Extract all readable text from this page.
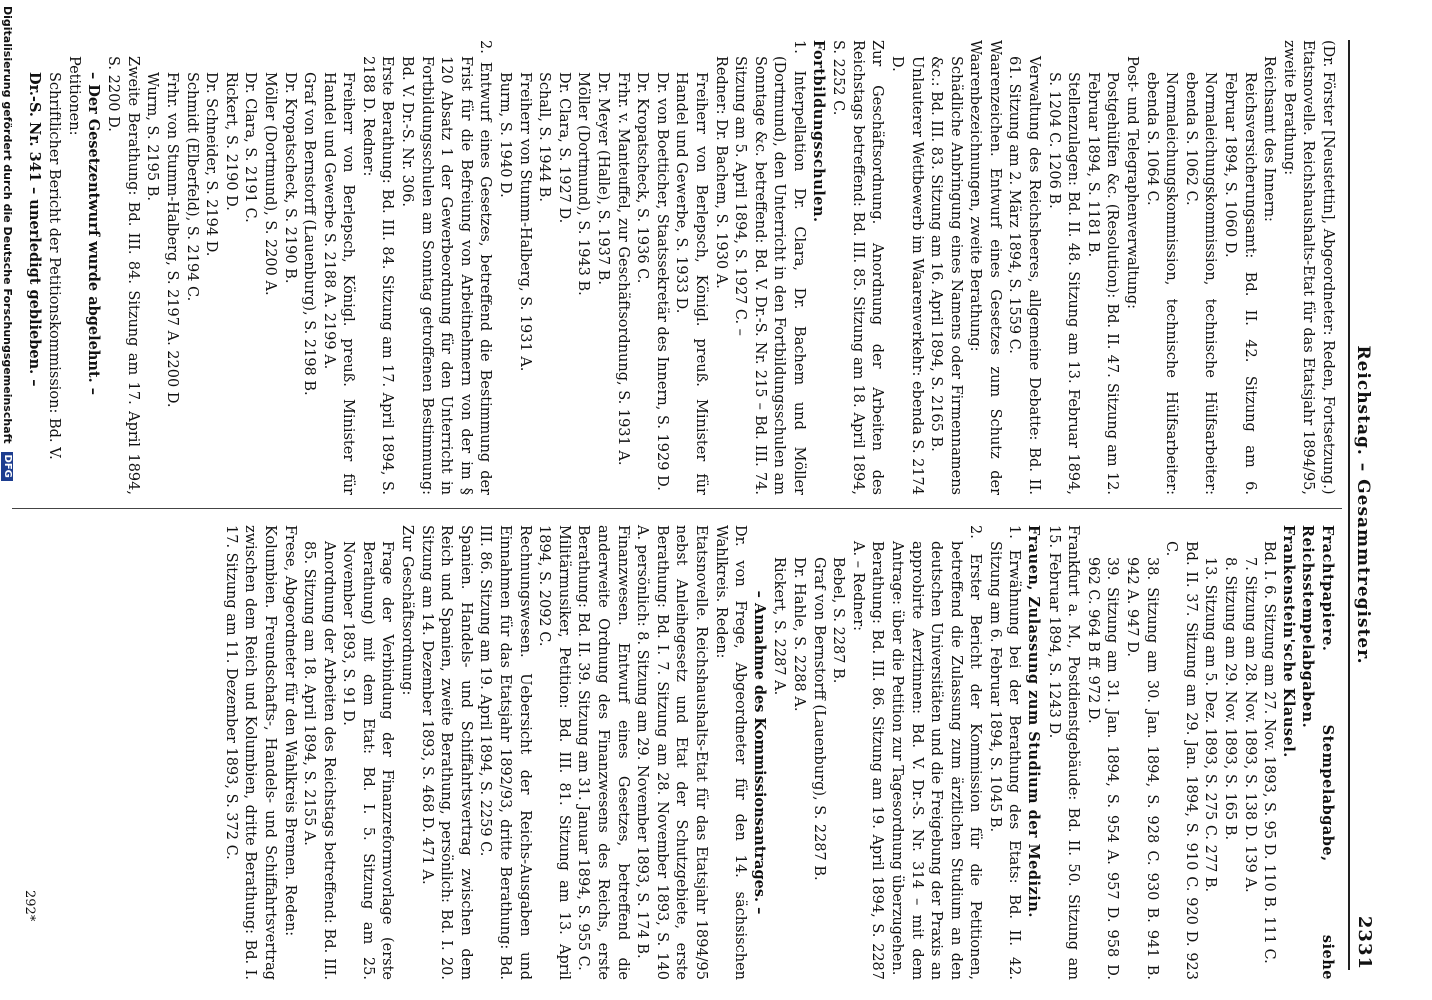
Reichstag. – Gesammtregister.
2331
(Dr. Förster [Neustettin], Abgeordneter: Reden, Fortsetzung.)
Etatsnovelle. Reichshaushalts-Etat für das Etatsjahr 1894/95, zweite Berathung:
Reichsamt des Innern:
Reichsversicherungsamt: Bd. II. 42. Sitzung am 6. Februar 1894, S. 1060 D.
Normaleichungskommission, technische Hülfsarbeiter: ebenda S. 1062 C.
Normaleichungskommission, technische Hülfsarbeiter: ebenda S. 1064 C.
Post- und Telegraphenverwaltung:
Postgehülfen &c. (Resolution): Bd. II. 47. Sitzung am 12. Februar 1894, S. 1181 B.
Stellenzulagen: Bd. II. 48. Sitzung am 13. Februar 1894, S. 1204 C. 1206 B.
Verwaltung des Reichsheeres, allgemeine Debatte: Bd. II. 61. Sitzung am 2. März 1894, S. 1559 C.
Waarenzeichen. Entwurf eines Gesetzes zum Schutz der Waarenbezeichnungen, zweite Berathung:
Schädliche Anbringung eines Namens oder Firmennamens &c.: Bd. III. 83. Sitzung am 16. April 1894, S. 2165 B.
Unlauterer Wettbewerb im Waarenverkehr: ebenda S. 2174 D.
Zur Geschäftsordnung. Anordnung der Arbeiten des Reichstags betreffend: Bd. III. 85. Sitzung am 18. April 1894, S. 2252 C.
Fortbildungsschulen.
1. Interpellation Dr. Clara, Dr. Bachem und Möller (Dortmund), den Unterricht in den Fortbildungsschulen am Sonntage &c. betreffend: Bd. V. Dr.-S. Nr. 215 – Bd. III. 74. Sitzung am 5. April 1894, S. 1927 C. –
Redner: Dr. Bachem, S. 1930 A.
Freiherr von Berlepsch, Königl. preuß. Minister für Handel und Gewerbe, S. 1933 D.
Dr. von Boetticher, Staatssekretär des Innern, S. 1929 D.
Dr. Kropatscheck, S. 1936 C.
Frhr. v. Manteuffel, zur Geschäftsordnung, S. 1931 A.
Dr. Meyer (Halle), S. 1937 B.
Möller (Dortmund), S. 1943 B.
Dr. Clara, S. 1927 D.
Schall, S. 1944 B.
Freiherr von Stumm-Halberg, S. 1931 A.
Burm, S. 1940 D.
2. Entwurf eines Gesetzes, betreffend die Bestimmung der Frist für die Befreiung von Arbeitnehmern von der im § 120 Absatz 1 der Gewerbeordnung für den Unterricht in Fortbildungsschulen am Sonntag getroffenen Bestimmung: Bd. V. Dr.-S. Nr. 306.
Erste Berathung: Bd. III. 84. Sitzung am 17. April 1894, S. 2188 D. Redner:
Freiherr von Berlepsch, Königl. preuß. Minister für Handel und Gewerbe S. 2188 A. 2199 A.
Graf von Bernstorff (Lauenburg), S. 2198 B.
Dr. Kropatscheck, S. 2190 B.
Möller (Dortmund), S. 2200 A.
Dr. Clara, S. 2191 C.
Rickert, S. 2190 D.
Dr. Schneider, S. 2194 D.
Schmidt (Elberfeld), S. 2194 C.
Frhr. von Stumm-Halberg, S. 2197 A. 2200 D.
Wurm, S. 2195 B.
Zweite Berathung: Bd. III. 84. Sitzung am 17. April 1894, S. 2200 D.
– Der Gesetzentwurf wurde abgelehnt. –
Petitionen:
Schriftlicher Bericht der Petitionskommission: Bd. V.
Dr.-S. Nr. 341 – unerledigt geblieben. –
Frachtpapiere. Stempelabgabe, siehe Reichsstempelabgaben.
Frankenstein'sche Klausel.
Bd. I. 6. Sitzung am 27. Nov. 1893, S. 95 D. 110 B. 111 C.
7. Sitzung am 28. Nov. 1893, S. 138 D. 139 A.
8. Sitzung am 29. Nov. 1893, S. 165 B.
13. Sitzung am 5. Dez. 1893, S. 275 C. 277 B.
Bd. II. 37. Sitzung am 29. Jan. 1894, S. 910 C. 920 D. 923 C.
38. Sitzung am 30. Jan. 1894, S. 928 C. 930 B. 941 B. 942 A. 947 D.
39. Sitzung am 31. Jan. 1894, S. 954 A. 957 D. 958 D. 962 C. 964 B ff. 972 D.
Frankfurt a. M., Postdienstgebäude: Bd. II. 50. Sitzung am 15. Februar 1894, S. 1243 D.
Frauen, Zulassung zum Studium der Medizin.
1. Erwähnung bei der Berathung des Etats: Bd. II. 42. Sitzung am 6. Februar 1894, S. 1045 B.
2. Erster Bericht der Kommission für die Petitionen, betreffend die Zulassung zum ärztlichen Studium an den deutschen Universitäten und die Freigebung der Praxis an approbirte Aerztinnen: Bd. V. Dr.-S. Nr. 314 – mit dem Antrage: über die Petition zur Tagesordnung überzugehen.
Berathung: Bd. III. 86. Sitzung am 19. April 1894, S. 2287 A. – Redner:
Bebel, S. 2287 B.
Graf von Bernstorff (Lauenburg), S. 2287 B.
Dr. Hahle, S. 2288 A.
Rickert, S. 2287 A.
– Annahme des Kommissionsantrages. –
Dr. von Frege, Abgeordneter für den 14. sächsischen Wahlkreis. Reden:
Etatsnovelle. Reichshaushalts-Etat für das Etatsjahr 1894/95 nebst Anleihegesetz und Etat der Schutzgebiete, erste Berathung: Bd. I. 7. Sitzung am 28. November 1893, S. 140 A. persönlich: 8. Sitzung am 29. November 1893, S. 174 B.
Finanzwesen. Entwurf eines Gesetzes, betreffend die anderweite Ordnung des Finanzwesens des Reichs, erste Berathung: Bd. II. 39. Sitzung am 31. Januar 1894, S. 955 C.
Militärmusiker, Petition: Bd. III. 81. Sitzung am 13. April 1894, S. 2092 C.
Rechnungswesen. Uebersicht der Reichs-Ausgaben und Einnahmen für das Etatsjahr 1892/93, dritte Berathung: Bd. III. 86. Sitzung am 19. April 1894, S. 2259 C.
Spanien. Handels- und Schiffahrtsvertrag zwischen dem Reich und Spanien, zweite Berathung, persönlich: Bd. I. 20. Sitzung am 14. Dezember 1893, S. 468 D. 471 A.
Zur Geschäftsordnung:
Frage der Verbindung der Finanzreformvorlage (erste Berathung) mit dem Etat: Bd. I. 5. Sitzung am 25. November 1893, S. 91 D.
Anordnung der Arbeiten des Reichstags betreffend: Bd. III. 85. Sitzung am 18. April 1894, S. 2155 A.
Frese, Abgeordneter für den Wahlkreis Bremen. Reden:
Kolumbien. Freundschafts-, Handels- und Schiffahrtsvertrag zwischen dem Reich und Kolumbien, dritte Berathung: Bd. I. 17. Sitzung am 11. Dezember 1893, S. 372 C.
292*
Digitalisierung gefördert durch die Deutsche Forschungsgemeinschaft DFG
